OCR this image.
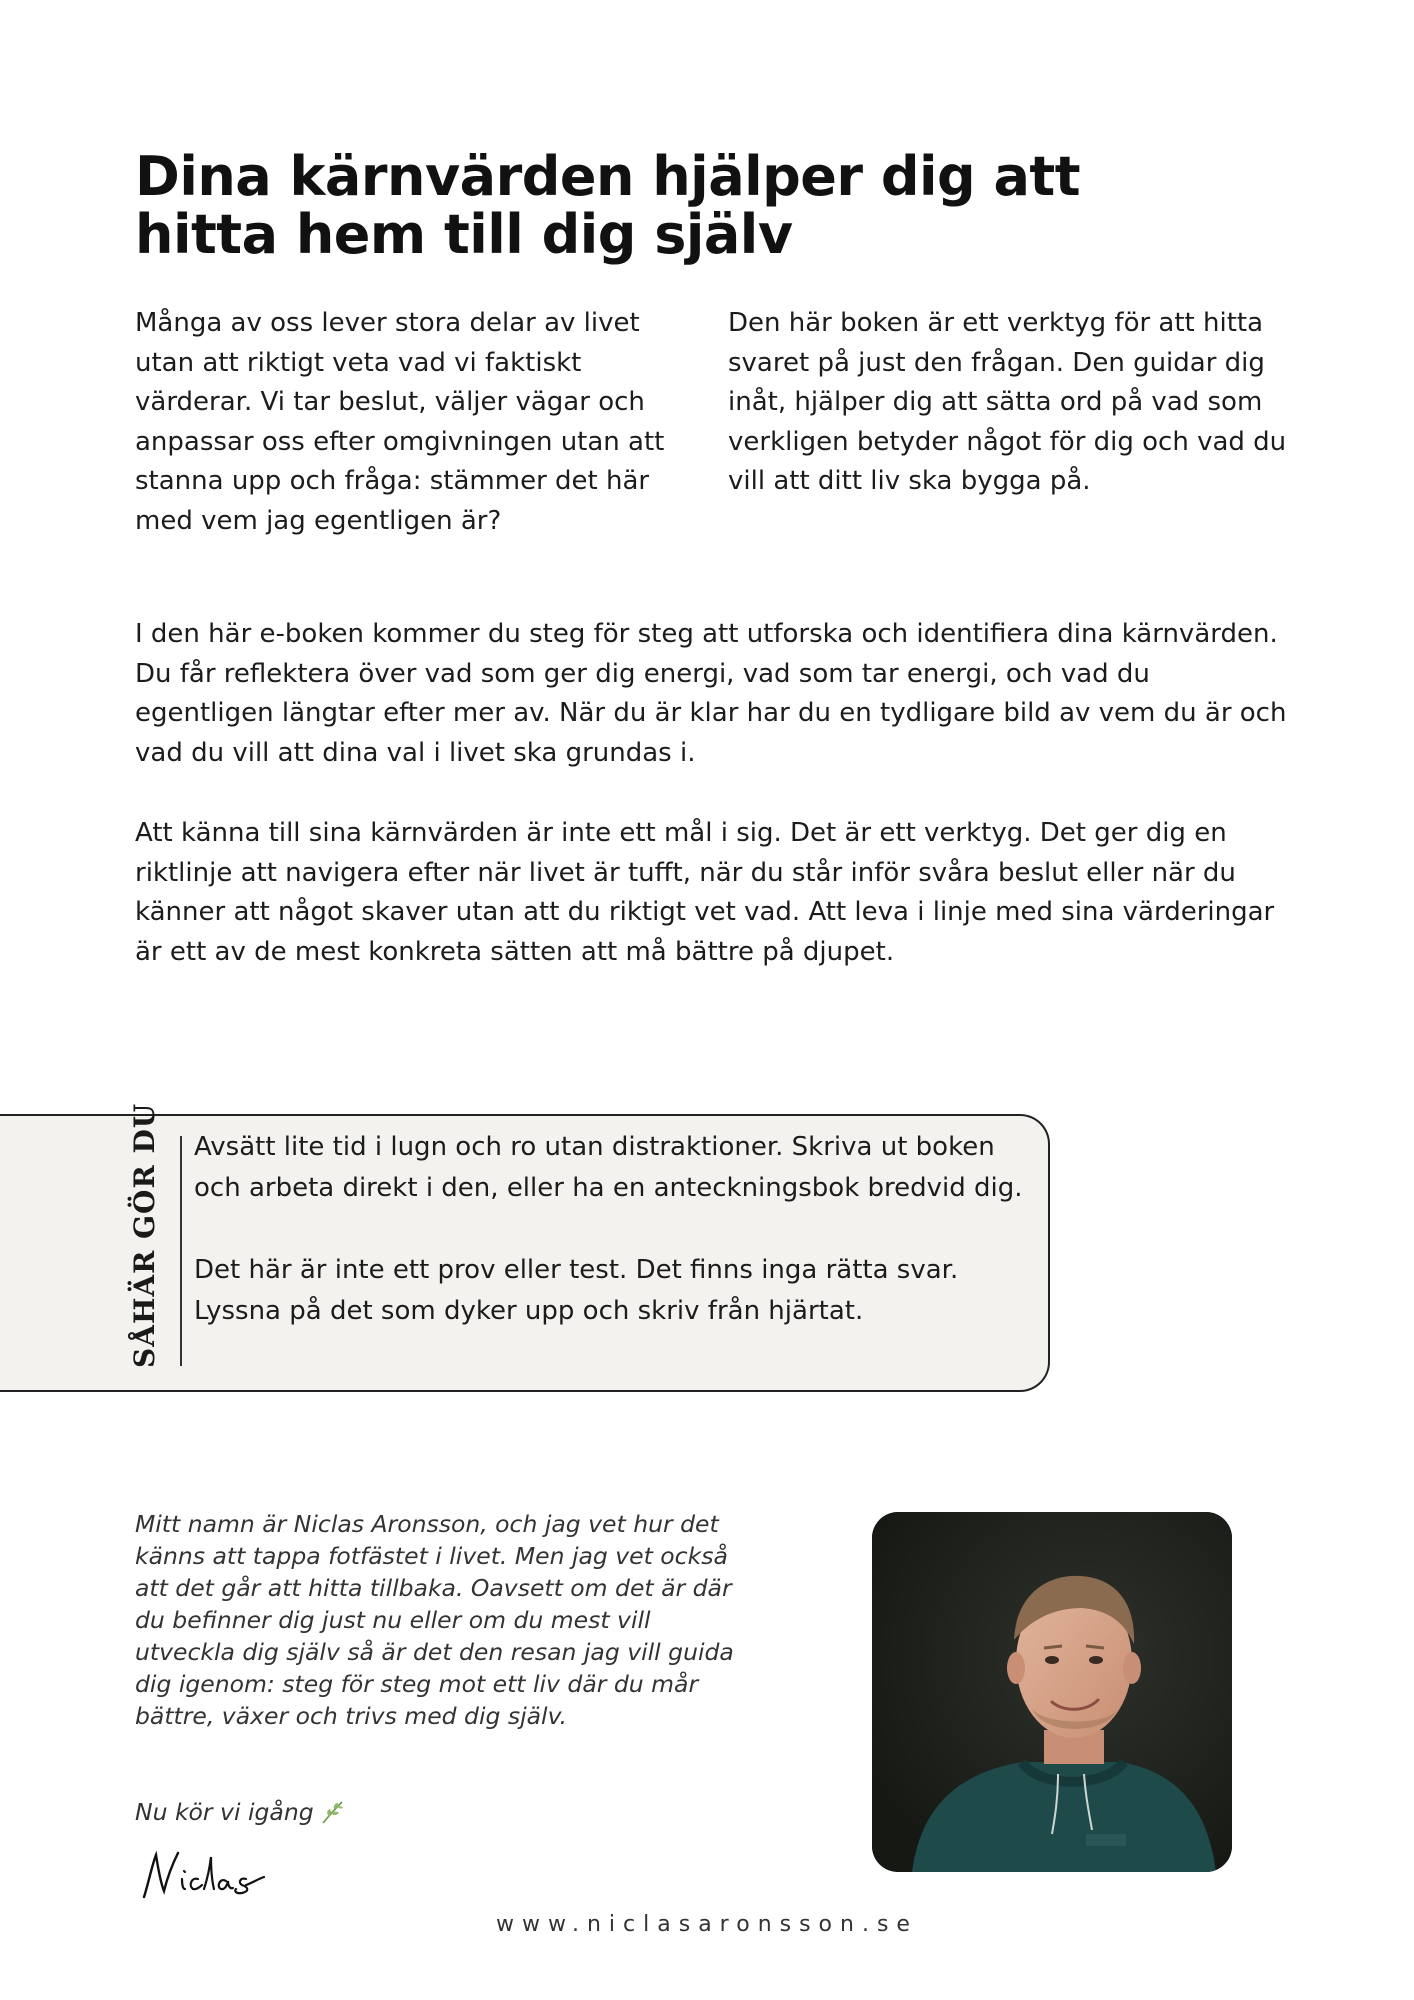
Dina kärnvärden hjälper dig att
hitta hem till dig själv

Många av oss lever stora delar av livet utan att riktigt veta vad vi faktiskt värderar. Vi tar beslut, väljer vägar och anpassar oss efter omgivningen utan att stanna upp och fråga: stämmer det här med vem jag egentligen är?

Den här boken är ett verktyg för att hitta svaret på just den frågan. Den guidar dig inåt, hjälper dig att sätta ord på vad som verkligen betyder något för dig och vad du vill att ditt liv ska bygga på.

I den här e-boken kommer du steg för steg att utforska och identifiera dina kärnvärden. Du får reflektera över vad som ger dig energi, vad som tar energi, och vad du egentligen längtar efter mer av. När du är klar har du en tydligare bild av vem du är och vad du vill att dina val i livet ska grundas i.

Att känna till sina kärnvärden är inte ett mål i sig. Det är ett verktyg. Det ger dig en riktlinje att navigera efter när livet är tufft, när du står inför svåra beslut eller när du känner att något skaver utan att du riktigt vet vad. Att leva i linje med sina värderingar är ett av de mest konkreta sätten att må bättre på djupet.

SÅHÄR GÖR DU Avsätt lite tid i lugn och ro utan distraktioner. Skriva ut boken och arbeta direkt i den, eller ha en anteckningsbok bredvid dig.

Det här är inte ett prov eller test. Det finns inga rätta svar. Lyssna på det som dyker upp och skriv från hjärtat.

Mitt namn är Niclas Aronsson, och jag vet hur det känns att tappa fotfästet i livet. Men jag vet också att det går att hitta tillbaka. Oavsett om det är där du befinner dig just nu eller om du mest vill utveckla dig själv så är det den resan jag vill guida dig igenom: steg för steg mot ett liv där du mår bättre, växer och trivs med dig själv.

Nu kör vi igång

www.niclasaronsson.se
